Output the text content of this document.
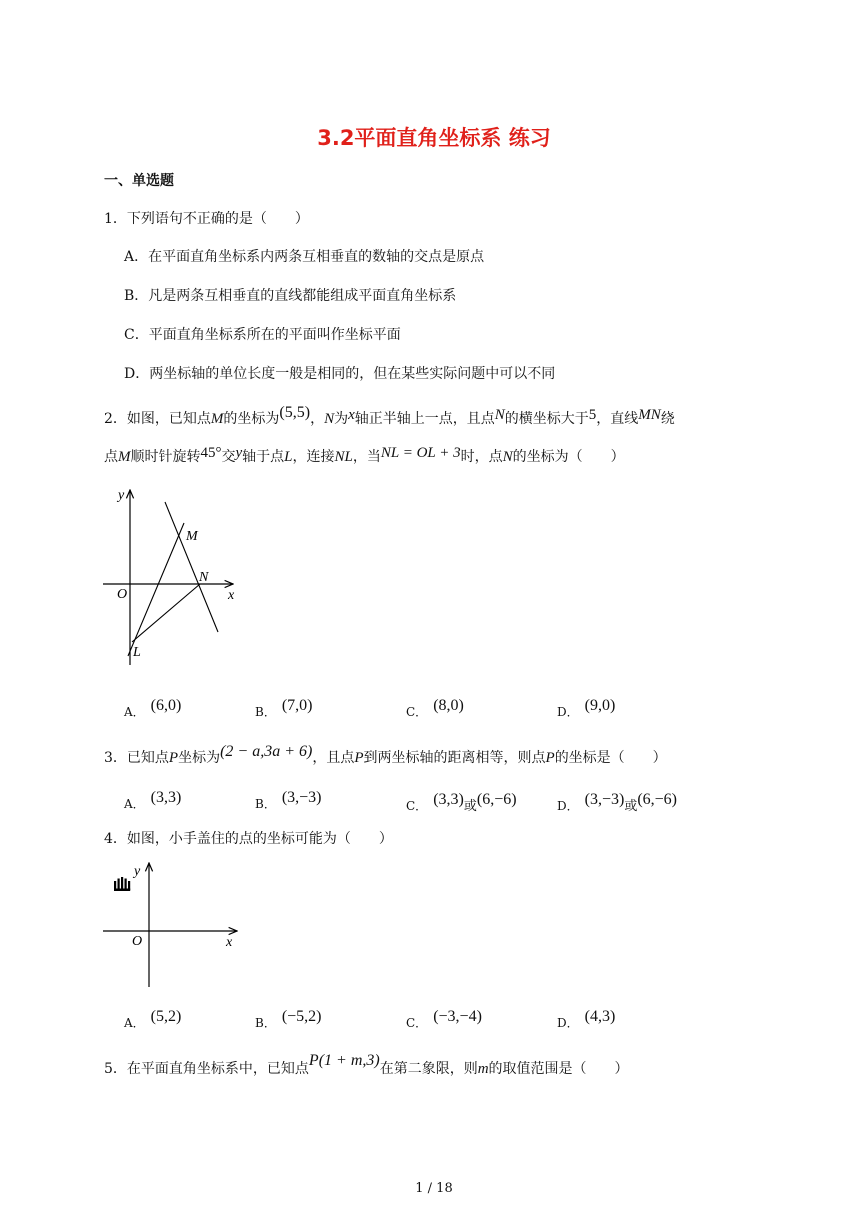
3.2平面直角坐标系 练习
一、单选题
1．下列语句不正确的是（　　）
A．在平面直角坐标系内两条互相垂直的数轴的交点是原点
B．凡是两条互相垂直的直线都能组成平面直角坐标系
C．平面直角坐标系所在的平面叫作坐标平面
D．两坐标轴的单位长度一般是相同的，但在某些实际问题中可以不同
2．如图，已知点M的坐标为(5,5)，N为x轴正半轴上一点，且点N的横坐标大于5，直线MN绕
点M顺时针旋转45°交y轴于点L，连接NL，当NL = OL + 3时，点N的坐标为（　　）
y
x
O
M
N
L
A． (6,0)	B． (7,0)	C． (8,0)	D． (9,0)
3．已知点P坐标为(2 − a,3a + 6)，且点P到两坐标轴的距离相等，则点P的坐标是（　　）
A． (3,3)	B． (3,−3)	C． (3,3)或(6,−6)	D． (3,−3)或(6,−6)
4．如图，小手盖住的点的坐标可能为（　　）
y
x
O
A． (5,2)	B． (−5,2)	C． (−3,−4)	D． (4,3)
5．在平面直角坐标系中，已知点P(1 + m,3)在第二象限，则m的取值范围是（　　）
1 / 18
